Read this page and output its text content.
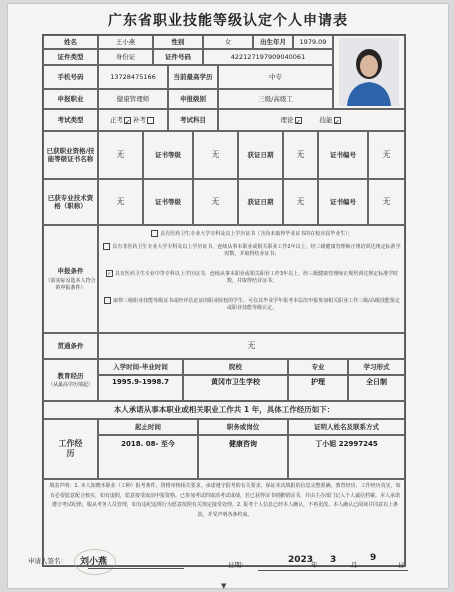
广东省职业技能等级认定个人申请表
姓名	王小燕	性别	女	出生年月	1979.09
证件类型	身份证	证件号码	422127197909040061
手机号码	13728475166	当前最高学历	中专
申报职业	健康管理师	申报级别	三级/高级工
考试类型	正考 ✓ 补考	考试科目	理论 ✓	技能 ✓
已获职业资格/技能等级证书名称
无	证书等级	无	获证日期	无	证书编号	无
已获专业技术资格（职称）
无	证书等级	无	获证日期	无	证书编号	无
申报条件
（需实际勾选本人符合的申报条件）
具有医药卫生专业大学专科及以上学历证书（含尚未取得毕业证书的在校应届毕业生）；
具有非医药卫生专业大学专科及以上学历证书，连续从事本职业或相关职业工作2年以上，经三级健康管理师正规培训达规定标准学时数，并取得结业证书；
✓ 具有医药卫生专业中等专科以上学历证书，连续从事本职业或相关职业工作3年以上，经三级健康管理师正规培训达规定标准学时数，并取得结业证书；
取得三级职业技能等级证书或经评估论证的职业院校的学生，可在其毕业学年报考本层次申报参加相关职业工作三级/高级技能鉴定或职业技能等级认定。
贯通条件	无
教育经历
（从最高学历填起）
入学时间-毕业时间	院校	专业	学习形式
1995.9-1998.7	黄冈市卫生学校	护理	全日制
本人承诺从事本职业或相关职业工作共 1 年，具体工作经历如下：
工作经历
起止时间	职务或岗位	证明人姓名及联系方式
2018. 08- 至今	健康咨询	丁小姐 22997245
填表声明：1. 本人知晓本职业（工种）报考条件，资格审核相关要求，承诺遵守报考的有关要求，保证本次填报的信息完整准确、教育经历、工作经历真实，如有必要愿意配合核实，如有虚假，愿意接受取消申报资格、已参加考试的取消考试成绩，若已获得证书则撤销证书，并由主办部门记入个人诚信档案。本人承诺遵守考试纪律，服从考务人员管理，如有违纪违规行为愿意按照有关规定接受处理。2. 报考个人信息已经本人确认，不再更改。本人确认已阅读并同意以上条款，并受声明各条约束。
申请人签名： 刘小燕	日期：	2023
年 3 月
9
日
▼
